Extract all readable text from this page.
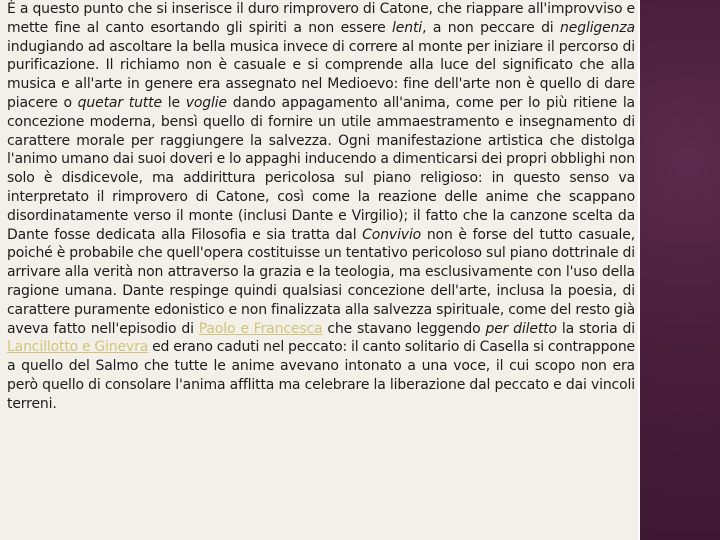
È a questo punto che si inserisce il duro rimprovero di Catone, che riappare all'improvviso e mette fine al canto esortando gli spiriti a non essere lenti, a non peccare di negligenza indugiando ad ascoltare la bella musica invece di correre al monte per iniziare il percorso di purificazione. Il richiamo non è casuale e si comprende alla luce del significato che alla musica e all'arte in genere era assegnato nel Medioevo: fine dell'arte non è quello di dare piacere o quetar tutte le voglie dando appagamento all'anima, come per lo più ritiene la concezione moderna, bensì quello di fornire un utile ammaestramento e insegnamento di carattere morale per raggiungere la salvezza. Ogni manifestazione artistica che distolga l'animo umano dai suoi doveri e lo appaghi inducendo a dimenticarsi dei propri obblighi non solo è disdicevole, ma addirittura pericolosa sul piano religioso: in questo senso va interpretato il rimprovero di Catone, così come la reazione delle anime che scappano disordinatamente verso il monte (inclusi Dante e Virgilio); il fatto che la canzone scelta da Dante fosse dedicata alla Filosofia e sia tratta dal Convivio non è forse del tutto casuale, poiché è probabile che quell'opera costituisse un tentativo pericoloso sul piano dottrinale di arrivare alla verità non attraverso la grazia e la teologia, ma esclusivamente con l'uso della ragione umana. Dante respinge quindi qualsiasi concezione dell'arte, inclusa la poesia, di carattere puramente edonistico e non finalizzata alla salvezza spirituale, come del resto già aveva fatto nell'episodio di Paolo e Francesca che stavano leggendo per diletto la storia di Lancillotto e Ginevra ed erano caduti nel peccato: il canto solitario di Casella si contrappone a quello del Salmo che tutte le anime avevano intonato a una voce, il cui scopo non era però quello di consolare l'anima afflitta ma celebrare la liberazione dal peccato e dai vincoli terreni.
